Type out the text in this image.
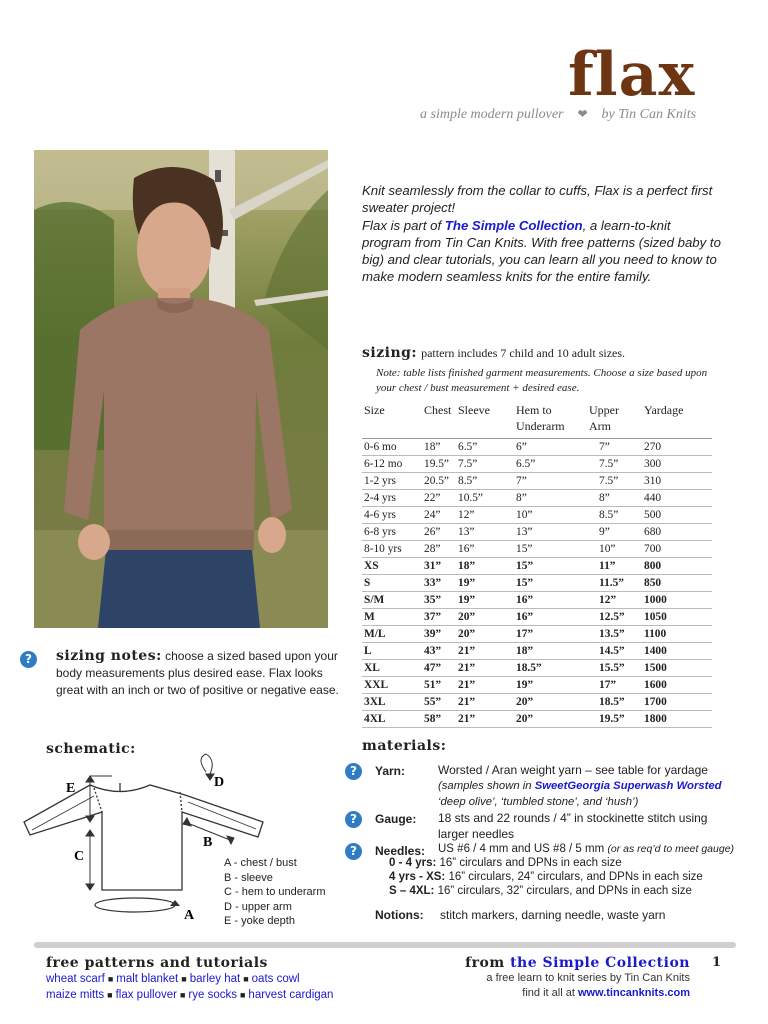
flax
a simple modern pullover ❤ by Tin Can Knits

Knit seamlessly from the collar to cuffs, Flax is a perfect first sweater project!

Flax is part of The Simple Collection, a learn-to-knit program from Tin Can Knits. With free patterns (sized baby to big) and clear tutorials, you can learn all you need to know to make modern seamless knits for the entire family.

sizing: pattern includes 7 child and 10 adult sizes.
Note: table lists finished garment measurements. Choose a size based upon your chest / bust measurement + desired ease.
Size	Chest	Sleeve	Hem to Underarm	Upper Arm	Yardage
0-6 mo	18”	6.5”	6”	7”	270
6-12 mo	19.5”	7.5”	6.5”	7.5”	300
1-2 yrs	20.5”	8.5”	7”	7.5”	310
2-4 yrs	22”	10.5”	8”	8”	440
4-6 yrs	24”	12”	10”	8.5”	500
6-8 yrs	26”	13”	13”	9”	680
8-10 yrs	28”	16”	15”	10”	700
XS	31”	18”	15”	11”	800
S	33”	19”	15”	11.5”	850
S/M	35”	19”	16”	12”	1000
M	37”	20”	16”	12.5”	1050
M/L	39”	20”	17”	13.5”	1100
L	43”	21”	18”	14.5”	1400
XL	47”	21”	18.5”	15.5”	1500
XXL	51”	21”	19”	17”	1600
3XL	55”	21”	20”	18.5”	1700
4XL	58”	21”	20”	19.5”	1800
?	sizing notes: choose a sized based upon your body measurements plus desired ease. Flax looks great with an inch or two of positive or negative ease.
schematic:
E
C
B
D
A
A - chest / bust
B - sleeve
C - hem to underarm
D - upper arm
E - yoke depth
materials:
?	Yarn:	Worsted / Aran weight yarn – see table for yardage
(samples shown in SweetGeorgia Superwash Worsted ‘deep olive’, ‘tumbled stone’, and ‘hush’)
?	Gauge: 18 sts and 22 rounds / 4” in stockinette stitch using larger needles
?	Needles:	US #6 / 4 mm and US #8 / 5 mm (or as req’d to meet gauge)
0 - 4 yrs: 16” circulars and DPNs in each size
4 yrs - XS: 16” circulars, 24” circulars, and DPNs in each size
S – 4XL: 16” circulars, 32” circulars, and DPNs in each size
Notions: stitch markers, darning needle, waste yarn
free patterns and tutorials
wheat scarf ■ malt blanket ■ barley hat ■ oats cowl
maize mitts ■ flax pullover ■ rye socks ■ harvest cardigan
from the Simple Collection
a free learn to knit series by Tin Can Knits
find it all at www.tincanknits.com
1
